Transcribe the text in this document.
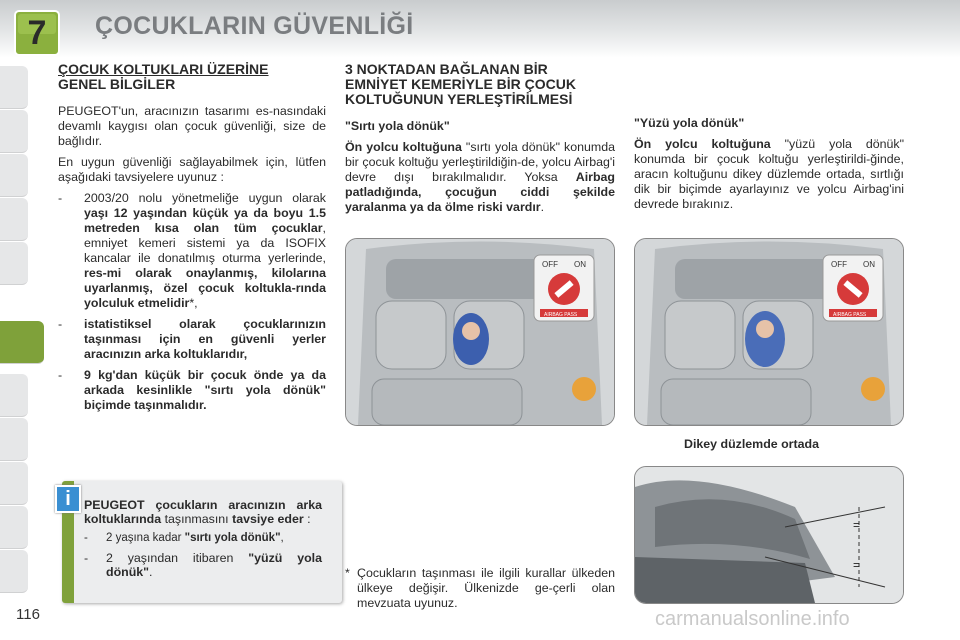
7	ÇOCUKLARIN GÜVENLİĞİ
ÇOCUK KOLTUKLARI ÜZERİNE
GENEL BİLGİLER

PEUGEOT'un, aracınızın tasarımı es-nasındaki devamlı kaygısı olan çocuk güvenliği, size de bağlıdır.

En uygun güvenliği sağlayabilmek için, lütfen aşağıdaki tavsiyelere uyunuz :

-	2003/20 nolu yönetmeliğe uygun olarak yaşı 12 yaşından küçük ya da boyu 1.5 metreden kısa olan tüm çocuklar, emniyet kemeri sistemi ya da ISOFIX kancalar ile donatılmış oturma yerlerinde, res-mi olarak onaylanmış, kilolarına uyarlanmış, özel çocuk koltukla-rında yolculuk etmelidir*,
-	istatistiksel olarak çocuklarınızın taşınması için en güvenli yerler aracınızın arka koltuklarıdır,
-	9 kg'dan küçük bir çocuk önde ya da arkada kesinlikle "sırtı yola dönük" biçimde taşınmalıdır.
i	PEUGEOT çocukların aracınızın arka koltuklarında taşınmasını tavsiye eder :

-	2 yaşına kadar "sırtı yola dönük",
-	2 yaşından itibaren "yüzü yola dönük".
3 NOKTADAN BAĞLANAN BİR
EMNİYET KEMERİYLE BİR ÇOCUK
KOLTUĞUNUN YERLEŞTİRİLMESİ
"Sırtı yola dönük"

Ön yolcu koltuğuna "sırtı yola dönük" konumda bir çocuk koltuğu yerleştirildiğin-de, yolcu Airbag'i devre dışı bırakılmalıdır. Yoksa Airbag patladığında, çocuğun ciddi şekilde yaralanma ya da ölme riski vardır.

"Yüzü yola dönük"

Ön yolcu koltuğuna "yüzü yola dönük" konumda bir çocuk koltuğu yerleştirildi-ğinde, aracın koltuğunu dikey düzlemde ortada, sırtlığı dik bir biçimde ayarlayınız ve yolcu Airbag'ini devrede bırakınız.

OFF ON
AIRBAG PASS
OFF ON
AIRBAG PASS
Dikey düzlemde ortada
=
=
* Çocukların taşınması ile ilgili kurallar ülkeden ülkeye değişir. Ülkenizde ge-çerli olan mevzuata uyunuz.
116	carmanualsonline.info
